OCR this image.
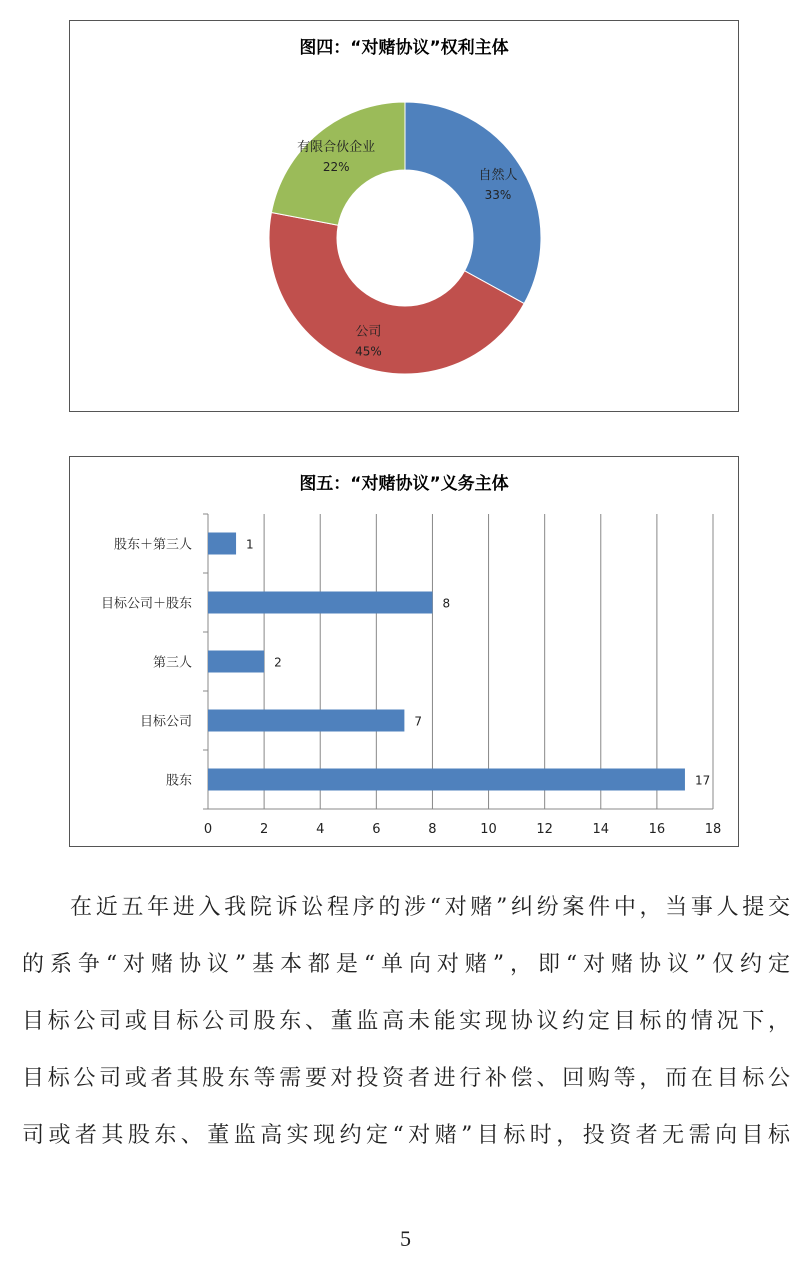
图四：“对赌协议”权利主体
自然人
33%
公司
45%
有限合伙企业
22%
图五：“对赌协议”义务主体
0	2	4	6	8	10	12	14	16	18
股东＋第三人	1
目标公司＋股东	8
第三人	2
目标公司	7
股东	17
在近五年进入我院诉讼程序的涉“对赌”纠纷案件中，当事人提交
的系争“对赌协议”基本都是“单向对赌”，即“对赌协议”仅约定
目标公司或目标公司股东、董监高未能实现协议约定目标的情况下，
目标公司或者其股东等需要对投资者进行补偿、回购等，而在目标公
司或者其股东、董监高实现约定“对赌”目标时，投资者无需向目标
5
